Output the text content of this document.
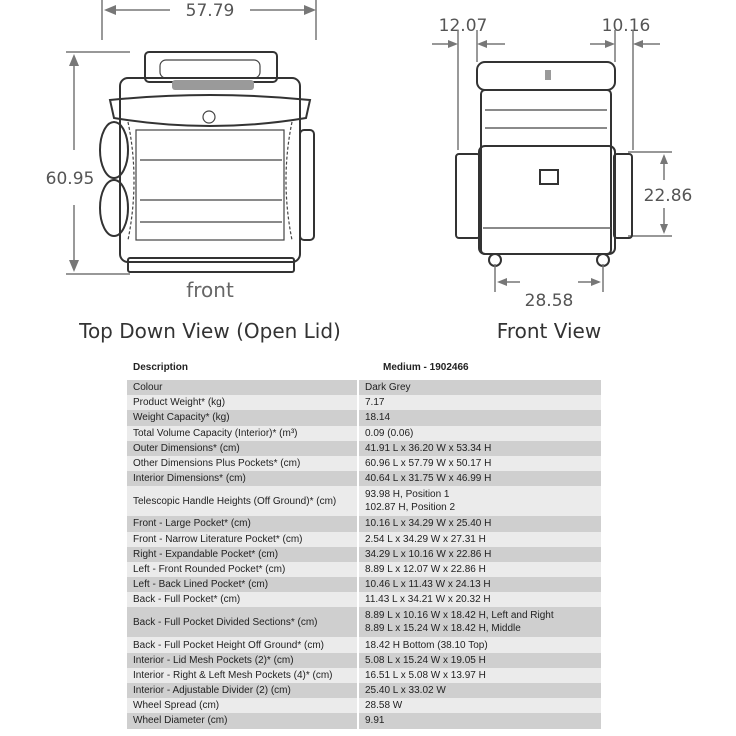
57.79
60.95
front
Top Down View (Open Lid)
12.07	10.16
22.86
28.58
Front View
Description	Medium - 1902466
Colour	Dark Grey

Product Weight* (kg)	7.17

Weight Capacity* (kg)	18.14

Total Volume Capacity (Interior)* (m³)	0.09 (0.06)

Outer Dimensions* (cm)	41.91 L x 36.20 W x 53.34 H

Other Dimensions Plus Pockets* (cm)	60.96 L x 57.79 W x 50.17 H

Interior Dimensions* (cm)	40.64 L x 31.75 W x 46.99 H

Telescopic Handle Heights (Off Ground)* (cm)	93.98 H, Position 1
102.87 H, Position 2

Front - Large Pocket* (cm)	10.16 L x 34.29 W x 25.40 H

Front - Narrow Literature Pocket* (cm)	2.54 L x 34.29 W x 27.31 H

Right - Expandable Pocket* (cm)	34.29 L x 10.16 W x 22.86 H

Left - Front Rounded Pocket* (cm)	8.89 L x 12.07 W x 22.86 H

Left - Back Lined Pocket* (cm)	10.46 L x 11.43 W x 24.13 H

Back - Full Pocket* (cm)	11.43 L x 34.21 W x 20.32 H

Back - Full Pocket Divided Sections* (cm)	8.89 L x 10.16 W x 18.42 H, Left and Right
8.89 L x 15.24 W x 18.42 H, Middle

Back - Full Pocket Height Off Ground* (cm)	18.42 H Bottom (38.10 Top)

Interior - Lid Mesh Pockets (2)* (cm)	5.08 L x 15.24 W x 19.05 H

Interior - Right & Left Mesh Pockets (4)* (cm)	16.51 L x 5.08 W x 13.97 H

Interior - Adjustable Divider (2) (cm)	25.40 L x 33.02 W

Wheel Spread (cm)	28.58 W

Wheel Diameter (cm)	9.91
